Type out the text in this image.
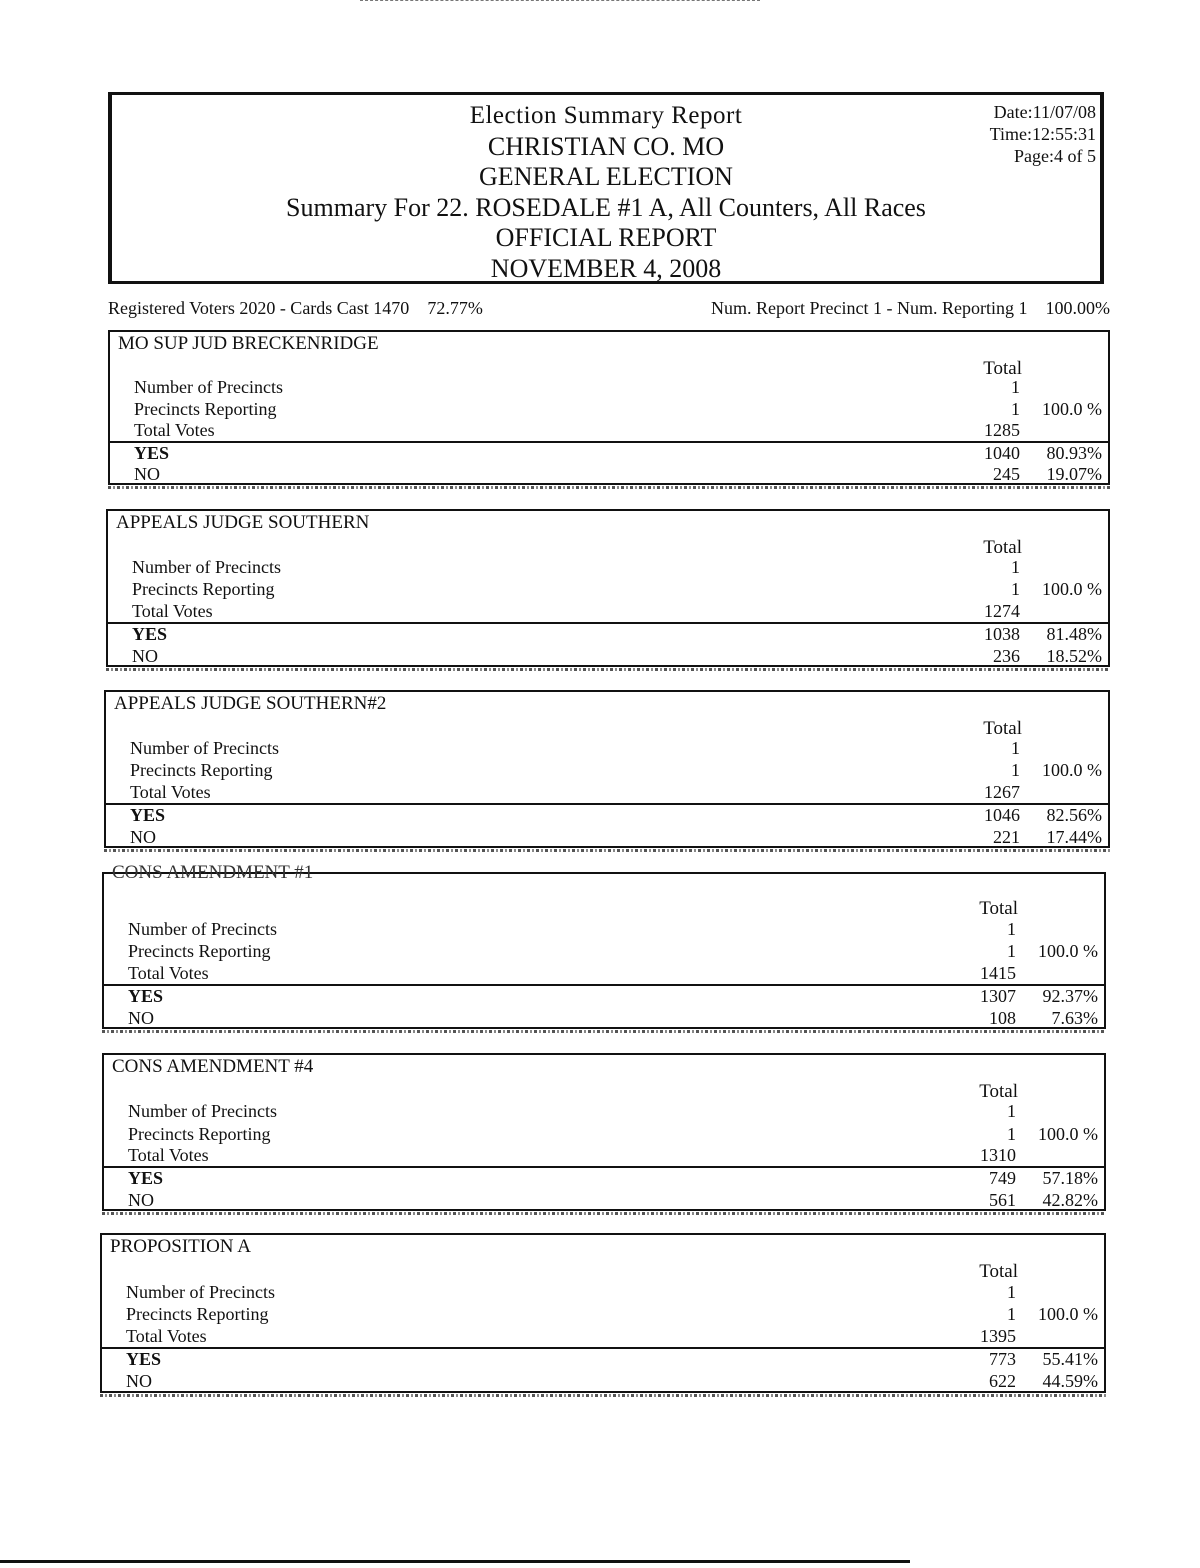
Election Summary Report
CHRISTIAN CO. MO
GENERAL ELECTION
Summary For 22. ROSEDALE #1 A, All Counters, All Races
OFFICIAL REPORT
NOVEMBER 4, 2008
Date:11/07/08
Time:12:55:31
Page:4 of 5
Registered Voters 2020 - Cards Cast 1470 72.77%	Num. Report Precinct 1 - Num. Reporting 1 100.00%
MO SUP JUD BRECKENRIDGE
Total
Number of Precincts	1
Precincts Reporting	1 100.0 %
Total Votes	1285
YES	1040 80.93%
NO	245 19.07%
APPEALS JUDGE SOUTHERN
Total
Number of Precincts	1
Precincts Reporting	1 100.0 %
Total Votes	1274
YES	1038 81.48%
NO	236 18.52%
APPEALS JUDGE SOUTHERN#2
Total
Number of Precincts	1
Precincts Reporting	1 100.0 %
Total Votes	1267
YES	1046 82.56%
NO	221 17.44%
CONS AMENDMENT #1
Total
Number of Precincts	1
Precincts Reporting	1 100.0 %
Total Votes	1415
YES	1307 92.37%
NO	108 7.63%
CONS AMENDMENT #4
Total
Number of Precincts	1
Precincts Reporting	1 100.0 %
Total Votes	1310
YES	749 57.18%
NO	561 42.82%
PROPOSITION A
Total
Number of Precincts	1
Precincts Reporting	1 100.0 %
Total Votes	1395
YES	773 55.41%
NO	622 44.59%
